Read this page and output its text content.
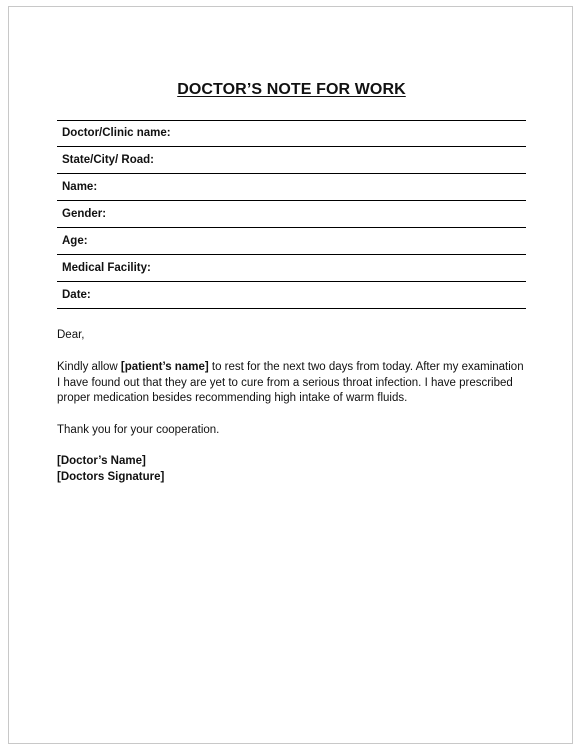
DOCTOR’S NOTE FOR WORK
Doctor/Clinic name:
State/City/ Road:
Name:
Gender:
Age:
Medical Facility:
Date:
Dear,
Kindly allow [patient’s name] to rest for the next two days from today. After my examination I have found out that they are yet to cure from a serious throat infection. I have prescribed proper medication besides recommending high intake of warm fluids.
Thank you for your cooperation.
[Doctor’s Name]
[Doctors Signature]
